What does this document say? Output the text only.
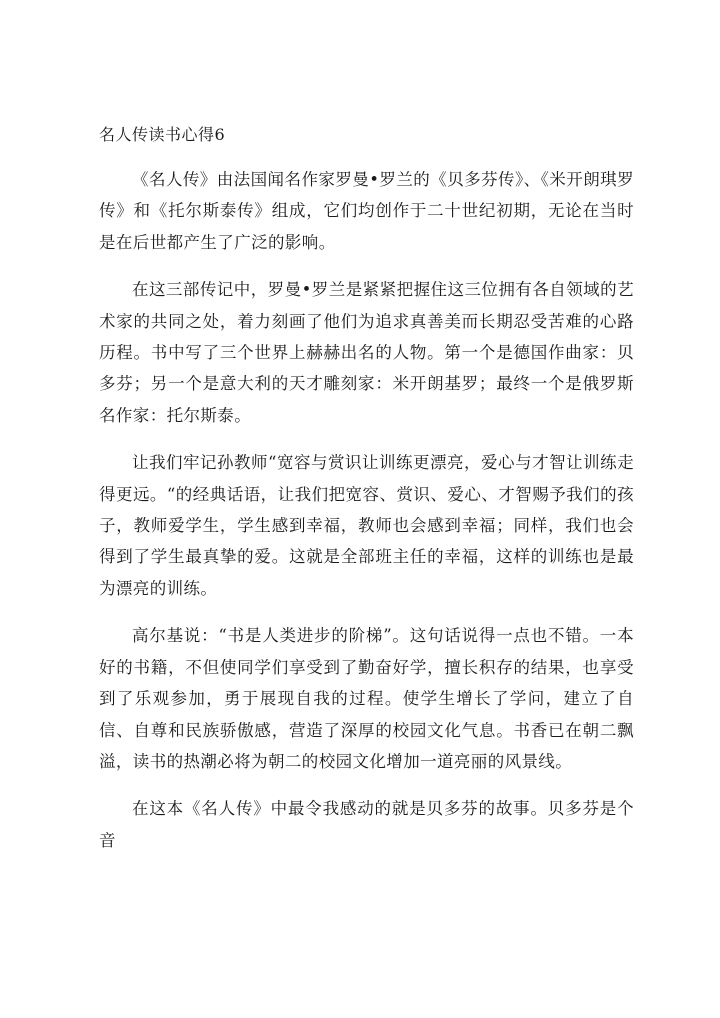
名人传读书心得6

《名人传》由法国闻名作家罗曼•罗兰的《贝多芬传》、《米开朗琪罗传》和《托尔斯泰传》组成，它们均创作于二十世纪初期，无论在当时是在后世都产生了广泛的影响。

在这三部传记中，罗曼•罗兰是紧紧把握住这三位拥有各自领域的艺术家的共同之处，着力刻画了他们为追求真善美而长期忍受苦难的心路历程。书中写了三个世界上赫赫出名的人物。第一个是德国作曲家：贝多芬；另一个是意大利的天才雕刻家：米开朗基罗；最终一个是俄罗斯名作家：托尔斯泰。

让我们牢记孙教师“宽容与赏识让训练更漂亮，爱心与才智让训练走得更远。“的经典话语，让我们把宽容、赏识、爱心、才智赐予我们的孩子，教师爱学生，学生感到幸福，教师也会感到幸福；同样，我们也会得到了学生最真挚的爱。这就是全部班主任的幸福，这样的训练也是最为漂亮的训练。

高尔基说：“书是人类进步的阶梯”。这句话说得一点也不错。一本好的书籍，不但使同学们享受到了勤奋好学，擅长积存的结果，也享受到了乐观参加，勇于展现自我的过程。使学生增长了学问，建立了自信、自尊和民族骄傲感，营造了深厚的校园文化气息。书香已在朝二飘溢，读书的热潮必将为朝二的校园文化增加一道亮丽的风景线。

在这本《名人传》中最令我感动的就是贝多芬的故事。贝多芬是个音
